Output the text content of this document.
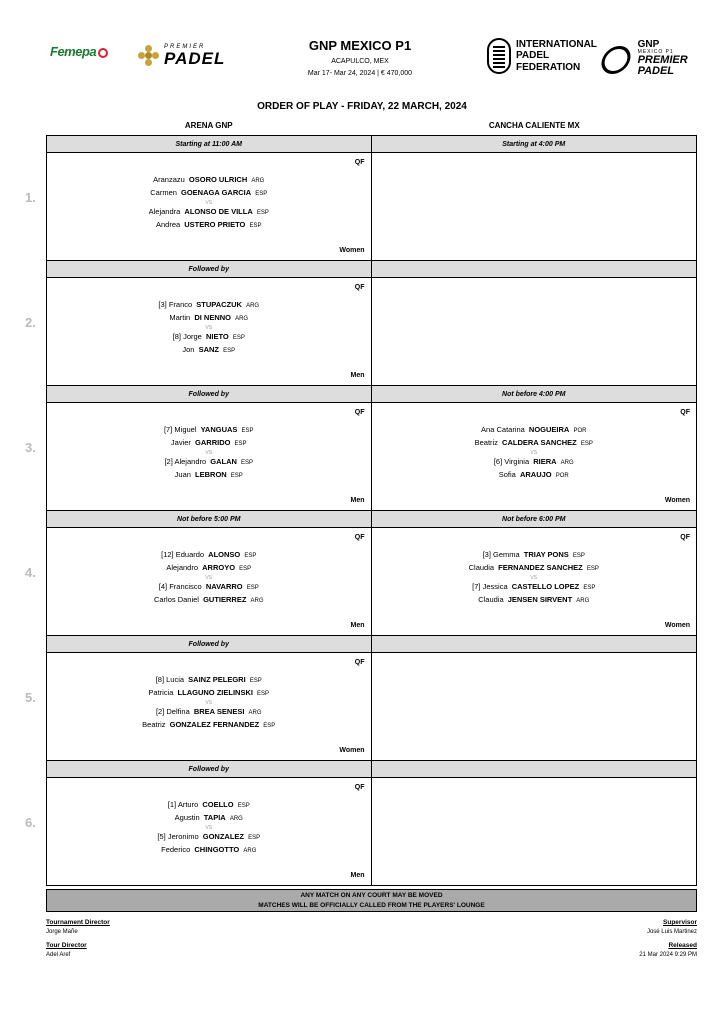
Femepa	PREMIER
PADEL
GNP MEXICO P1
ACAPULCO, MEX
Mar 17- Mar 24, 2024 | € 470,000
INTERNATIONAL
PADEL
FEDERATION
GNP
MEXICO P1
PREMIER PADEL
ORDER OF PLAY - FRIDAY, 22 MARCH, 2024
ARENA GNP	CANCHA CALIENTE MX
1.
Starting at 11:00 AM	Starting at 4:00 PM
QF
Aranzazu OSORO ULRICH ARG
Carmen GOENAGA GARCIA ESP
VS
Alejandra ALONSO DE VILLA ESP
Andrea USTERO PRIETO ESP
Women
2.
Followed by
QF
[3] Franco STUPACZUK ARG
Martin DI NENNO ARG
VS
[8] Jorge NIETO ESP
Jon SANZ ESP
Men
3.
Followed by	Not before 4:00 PM
QF
[7] Miguel YANGUAS ESP
Javier GARRIDO ESP
VS
[2] Alejandro GALAN ESP
Juan LEBRON ESP
Men
QF
Ana Catarina NOGUEIRA POR
Beatriz CALDERA SANCHEZ ESP
VS
[6] Virginia RIERA ARG
Sofia ARAUJO POR
Women
4.
Not before 5:00 PM	Not before 6:00 PM
QF
[12] Eduardo ALONSO ESP
Alejandro ARROYO ESP
VS
[4] Francisco NAVARRO ESP
Carlos Daniel GUTIERREZ ARG
Men
QF
[3] Gemma TRIAY PONS ESP
Claudia FERNANDEZ SANCHEZ ESP
VS
[7] Jessica CASTELLO LOPEZ ESP
Claudia JENSEN SIRVENT ARG
Women
5.
Followed by
QF
[8] Lucia SAINZ PELEGRI ESP
Patricia LLAGUNO ZIELINSKI ESP
VS
[2] Delfina BREA SENESI ARG
Beatriz GONZALEZ FERNANDEZ ESP
Women
6.
Followed by
QF
[1] Arturo COELLO ESP
Agustin TAPIA ARG
VS
[5] Jeronimo GONZALEZ ESP
Federico CHINGOTTO ARG
Men
ANY MATCH ON ANY COURT MAY BE MOVED
MATCHES WILL BE OFFICIALLY CALLED FROM THE PLAYERS' LOUNGE
Tournament Director
Jorge Mañe
Tour Director
Adel Aref
Supervisor
José Luis Martinez
Released
21 Mar 2024 9:29 PM
